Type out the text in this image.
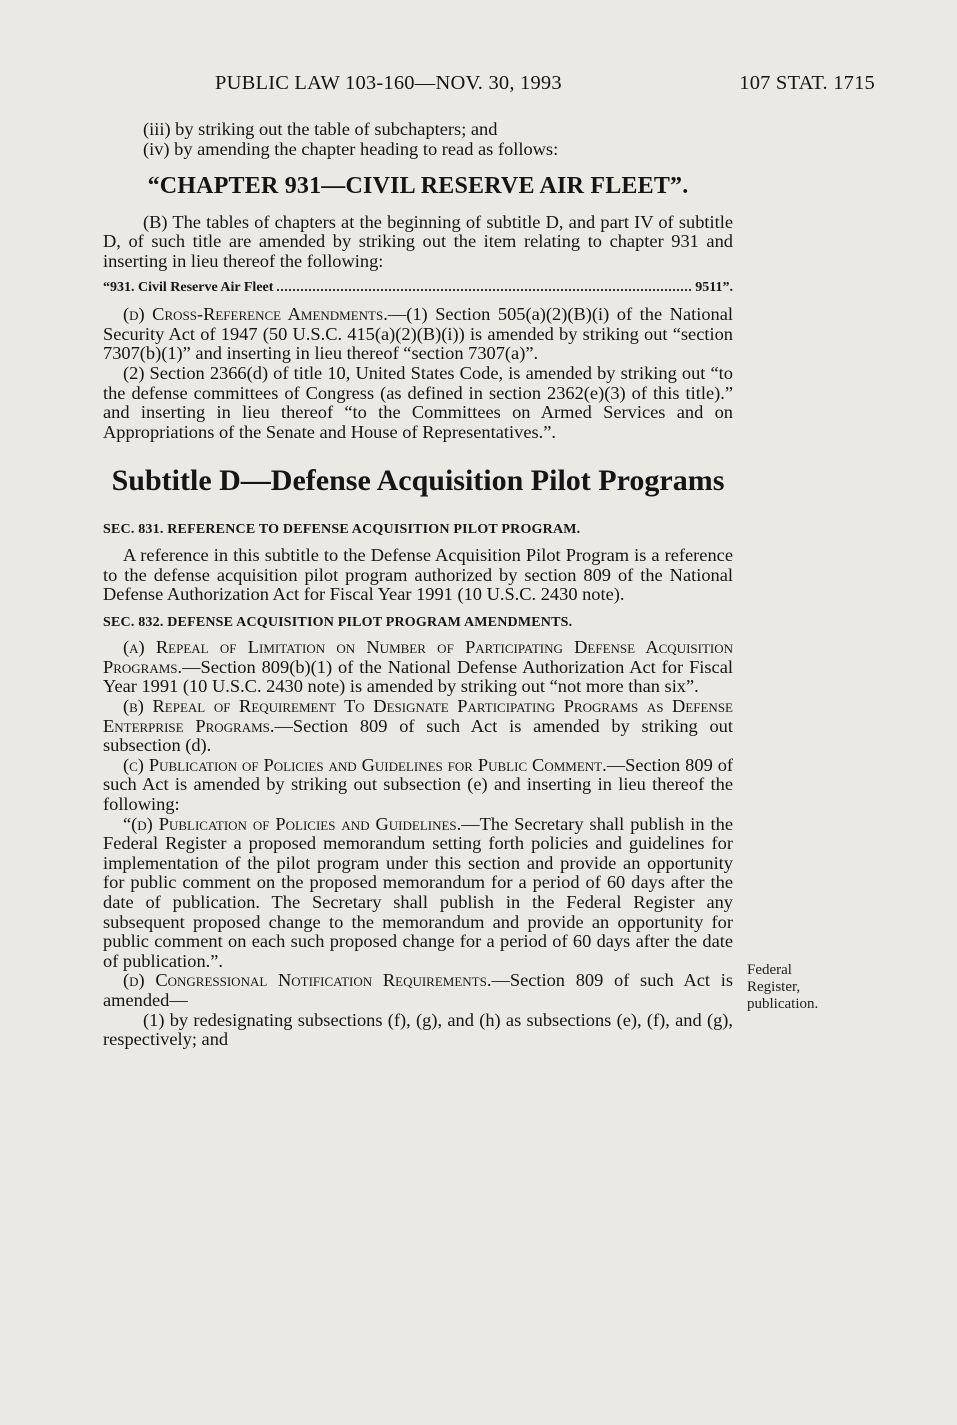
PUBLIC LAW 103-160—NOV. 30, 1993	107 STAT. 1715

(iii) by striking out the table of subchapters; and

(iv) by amending the chapter heading to read as follows:

“CHAPTER 931—CIVIL RESERVE AIR FLEET”.

(B) The tables of chapters at the beginning of subtitle D, and part IV of subtitle D, of such title are amended by striking out the item relating to chapter 931 and inserting in lieu thereof the following:

“931. Civil Reserve Air Fleet	9511”.

(d) Cross-Reference Amendments.—(1) Section 505(a)(2)(B)(i) of the National Security Act of 1947 (50 U.S.C. 415(a)(2)(B)(i)) is amended by striking out “section 7307(b)(1)” and inserting in lieu thereof “section 7307(a)”.

(2) Section 2366(d) of title 10, United States Code, is amended by striking out “to the defense committees of Congress (as defined in section 2362(e)(3) of this title).” and inserting in lieu thereof “to the Committees on Armed Services and on Appropriations of the Senate and House of Representatives.”.

Subtitle D—Defense Acquisition Pilot Programs
SEC. 831. REFERENCE TO DEFENSE ACQUISITION PILOT PROGRAM.

A reference in this subtitle to the Defense Acquisition Pilot Program is a reference to the defense acquisition pilot program authorized by section 809 of the National Defense Authorization Act for Fiscal Year 1991 (10 U.S.C. 2430 note).

SEC. 832. DEFENSE ACQUISITION PILOT PROGRAM AMENDMENTS.

(a) Repeal of Limitation on Number of Participating Defense Acquisition Programs.—Section 809(b)(1) of the National Defense Authorization Act for Fiscal Year 1991 (10 U.S.C. 2430 note) is amended by striking out “not more than six”.

(b) Repeal of Requirement To Designate Participating Programs as Defense Enterprise Programs.—Section 809 of such Act is amended by striking out subsection (d).

(c) Publication of Policies and Guidelines for Public Comment.—Section 809 of such Act is amended by striking out subsection (e) and inserting in lieu thereof the following:

“(d) Publication of Policies and Guidelines.—The Secretary shall publish in the Federal Register a proposed memorandum setting forth policies and guidelines for implementation of the pilot program under this section and provide an opportunity for public comment on the proposed memorandum for a period of 60 days after the date of publication. The Secretary shall publish in the Federal Register any subsequent proposed change to the memorandum and provide an opportunity for public comment on each such proposed change for a period of 60 days after the date of publication.”.

(d) Congressional Notification Requirements.—Section 809 of such Act is amended—

(1) by redesignating subsections (f), (g), and (h) as subsections (e), (f), and (g), respectively; and

Federal
Register,
publication.
